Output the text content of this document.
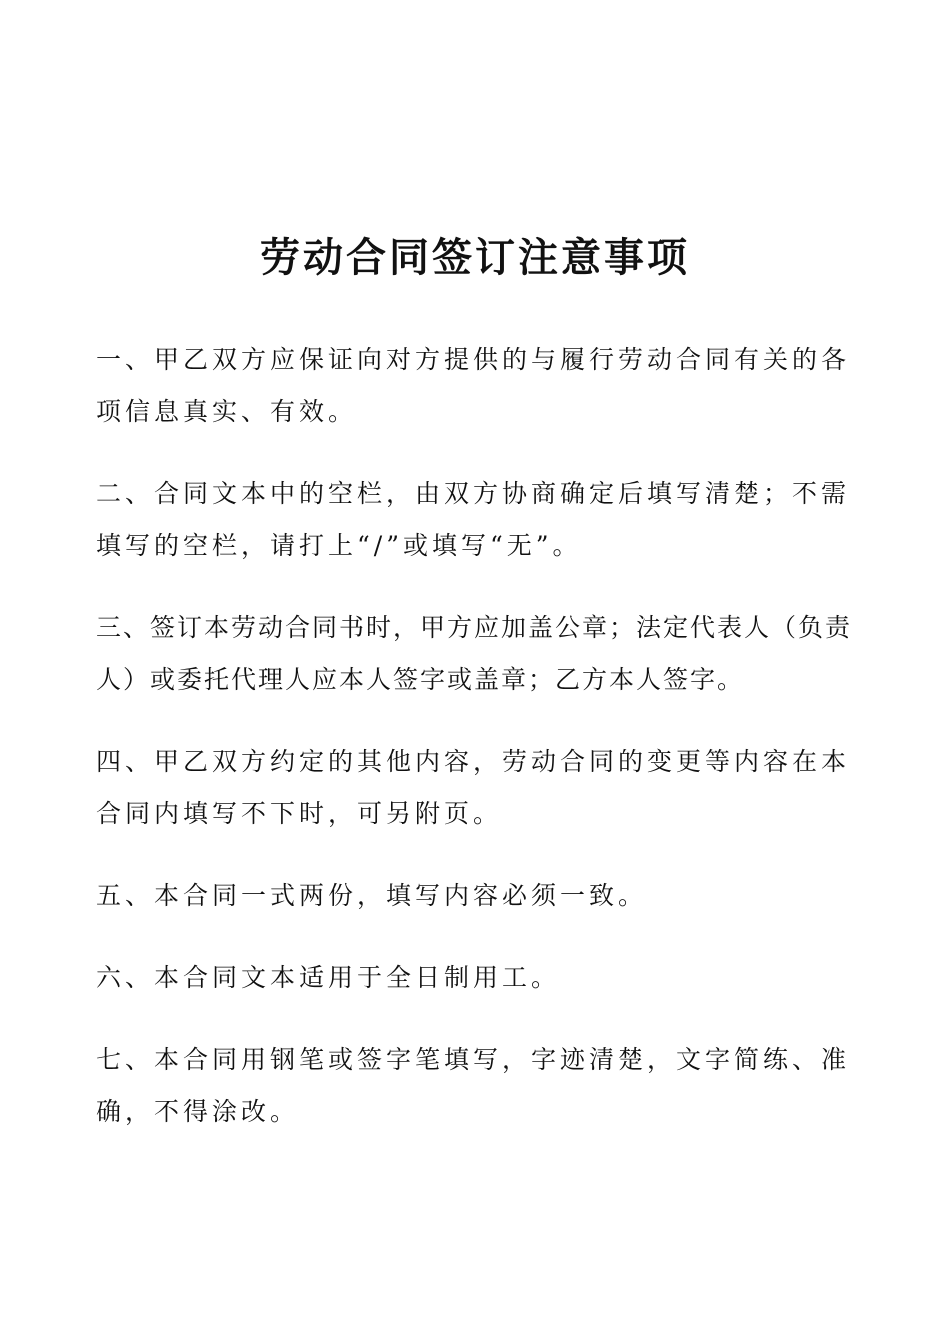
劳动合同签订注意事项
一、甲乙双方应保证向对方提供的与履行劳动合同有关的各项信息真实、有效。
二、合同文本中的空栏，由双方协商确定后填写清楚；不需填写的空栏，请打上“/”或填写“无”。
三、签订本劳动合同书时，甲方应加盖公章；法定代表人（负责人）或委托代理人应本人签字或盖章；乙方本人签字。
四、甲乙双方约定的其他内容，劳动合同的变更等内容在本合同内填写不下时，可另附页。
五、本合同一式两份，填写内容必须一致。
六、本合同文本适用于全日制用工。
七、本合同用钢笔或签字笔填写，字迹清楚，文字简练、准确，不得涂改。
